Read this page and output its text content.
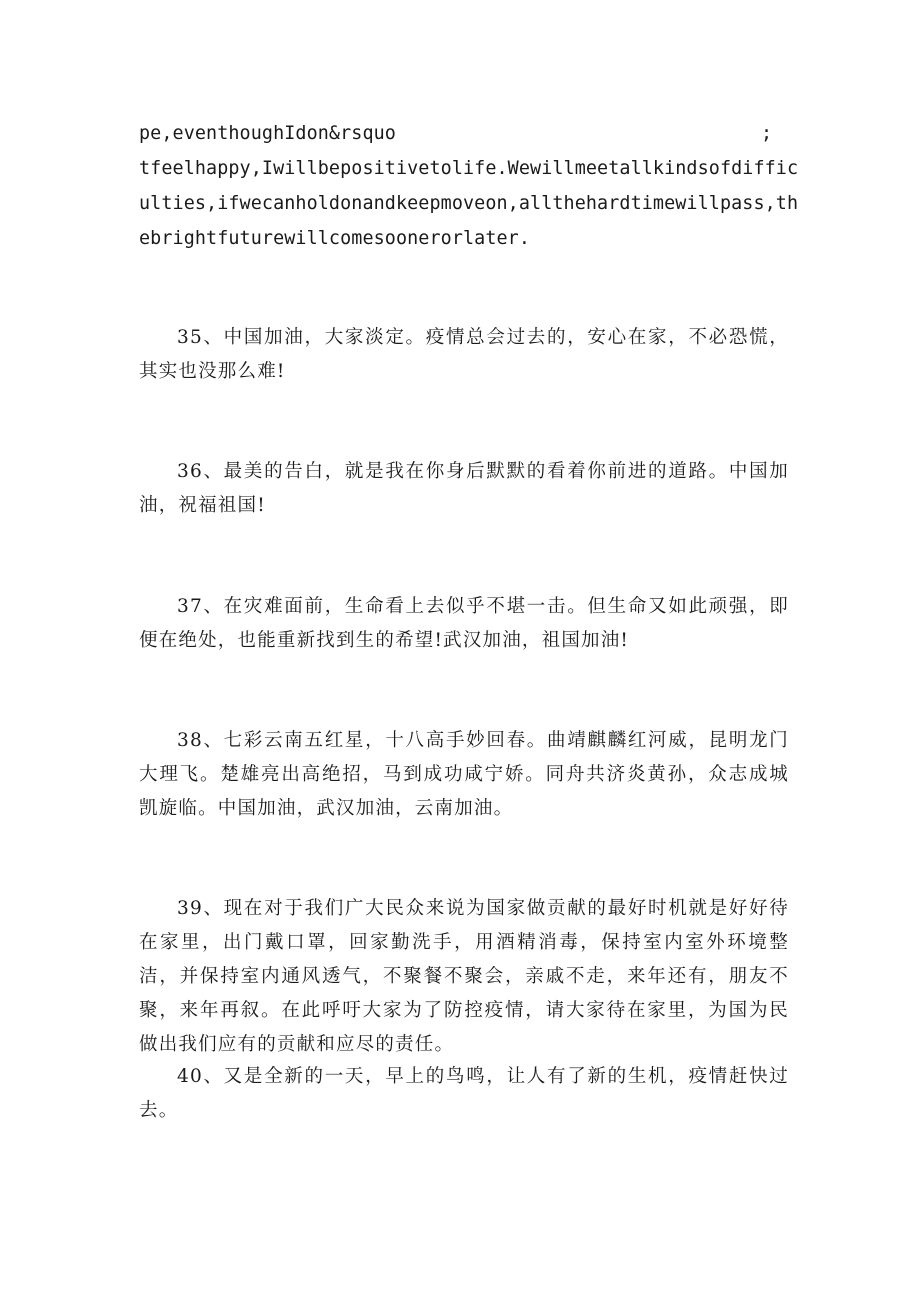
pe,eventhoughIdon&rsquo	;
tfeelhappy,Iwillbepositivetolife.Wewillmeetallkindsofdiffic
ulties,ifwecanholdonandkeepmoveon,allthehardtimewillpass,th
ebrightfuturewillcomesoonerorlater.

35、中国加油，大家淡定。疫情总会过去的，安心在家，不必恐慌，其实也没那么难!

36、最美的告白，就是我在你身后默默的看着你前进的道路。中国加油，祝福祖国!

37、在灾难面前，生命看上去似乎不堪一击。但生命又如此顽强，即便在绝处，也能重新找到生的希望!武汉加油，祖国加油!

38、七彩云南五红星，十八高手妙回春。曲靖麒麟红河威，昆明龙门大理飞。楚雄亮出高绝招，马到成功咸宁娇。同舟共济炎黄孙，众志成城凯旋临。中国加油，武汉加油，云南加油。

39、现在对于我们广大民众来说为国家做贡献的最好时机就是好好待在家里，出门戴口罩，回家勤洗手，用酒精消毒，保持室内室外环境整洁，并保持室内通风透气，不聚餐不聚会，亲戚不走，来年还有，朋友不聚，来年再叙。在此呼吁大家为了防控疫情，请大家待在家里，为国为民做出我们应有的贡献和应尽的责任。

40、又是全新的一天，早上的鸟鸣，让人有了新的生机，疫情赶快过去。
